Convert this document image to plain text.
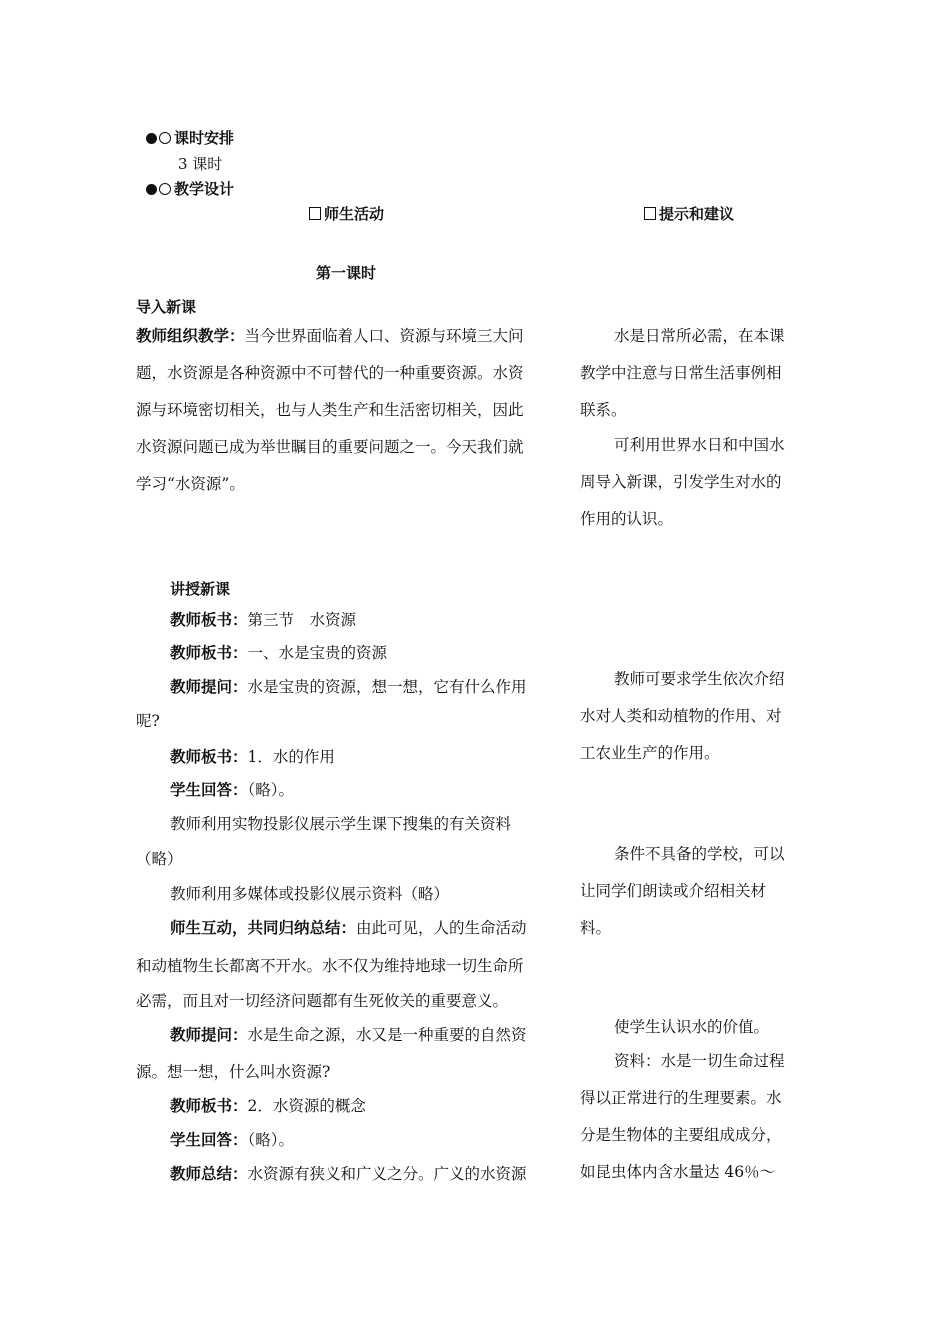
课时安排
3 课时
教学设计
师生活动	提示和建议
第一课时
导入新课
教师组织教学：当今世界面临着人口、资源与环境三大问
题，水资源是各种资源中不可替代的一种重要资源。水资
源与环境密切相关，也与人类生产和生活密切相关，因此
水资源问题已成为举世瞩目的重要问题之一。今天我们就
学习“水资源”。
讲授新课
教师板书：第三节　水资源
教师板书：一、水是宝贵的资源
教师提问：水是宝贵的资源，想一想，它有什么作用
呢?
教师板书：1．水的作用
学生回答：（略）。
教师利用实物投影仪展示学生课下搜集的有关资料
（略）
教师利用多媒体或投影仪展示资料（略）
师生互动，共同归纳总结：由此可见，人的生命活动
和动植物生长都离不开水。水不仅为维持地球一切生命所
必需，而且对一切经济问题都有生死攸关的重要意义。
教师提问：水是生命之源，水又是一种重要的自然资
源。想一想，什么叫水资源?
教师板书：2．水资源的概念
学生回答：（略）。
教师总结：水资源有狭义和广义之分。广义的水资源
水是日常所必需，在本课
教学中注意与日常生活事例相
联系。
可利用世界水日和中国水
周导入新课，引发学生对水的
作用的认识。
教师可要求学生依次介绍
水对人类和动植物的作用、对
工农业生产的作用。
条件不具备的学校，可以
让同学们朗读或介绍相关材
料。
使学生认识水的价值。
资料：水是一切生命过程
得以正常进行的生理要素。水
分是生物体的主要组成成分，
如昆虫体内含水量达 46％～
